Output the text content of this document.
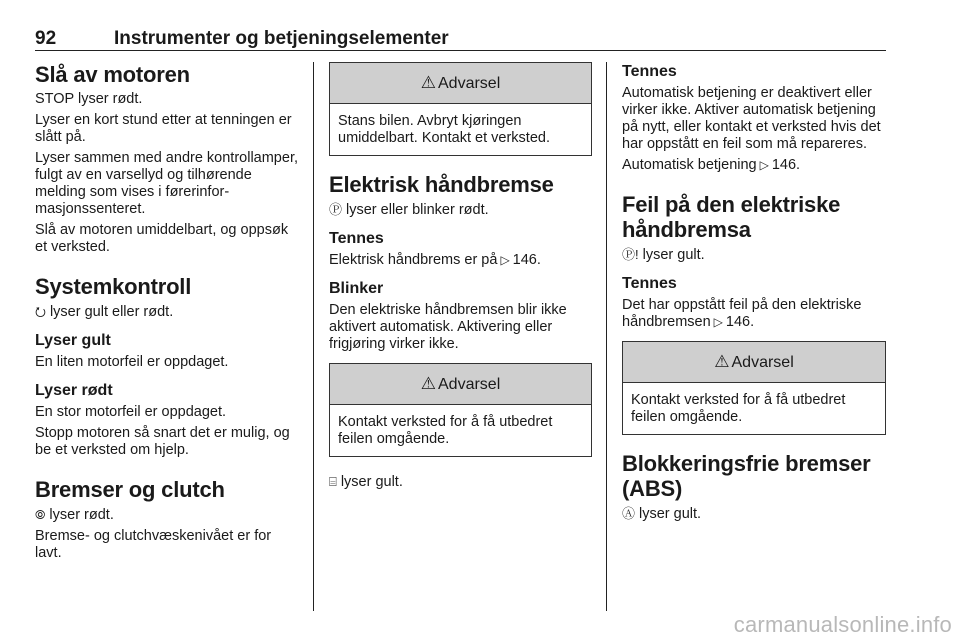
92	Instrumenter og betjeningselementer
Slå av motoren

STOP lyser rødt.

Lyser en kort stund etter at tenningen er slått på.

Lyser sammen med andre kontrollamper, fulgt av en varsellyd og tilhørende melding som vises i førerinformasjonssenteret.

Slå av motoren umiddelbart, og oppsøk et verksted.

Systemkontroll

⭮ lyser gult eller rødt.

Lyser gult

En liten motorfeil er oppdaget.

Lyser rødt

En stor motorfeil er oppdaget.

Stopp motoren så snart det er mulig, og be et verksted om hjelp.

Bremser og clutch

⦾ lyser rødt.

Bremse- og clutchvæskenivået er for lavt.

⚠ Advarsel
Stans bilen. Avbryt kjøringen umiddelbart. Kontakt et verksted.
Elektrisk håndbremse

Ⓟ lyser eller blinker rødt.

Tennes

Elektrisk håndbrems er på ▷ 146.

Blinker

Den elektriske håndbremsen blir ikke aktivert automatisk. Aktivering eller frigjøring virker ikke.

⚠ Advarsel
Kontakt verksted for å få utbedret feilen omgående.

⌸ lyser gult.

Tennes

Automatisk betjening er deaktivert eller virker ikke. Aktiver automatisk betjening på nytt, eller kontakt et verksted hvis det har oppstått en feil som må repareres.

Automatisk betjening ▷ 146.

Feil på den elektriske håndbremsa

Ⓟ! lyser gult.

Tennes

Det har oppstått feil på den elektriske håndbremsen ▷ 146.

⚠ Advarsel
Kontakt verksted for å få utbedret feilen omgående.
Blokkeringsfrie bremser (ABS)

Ⓐ lyser gult.

carmanualsonline.info
